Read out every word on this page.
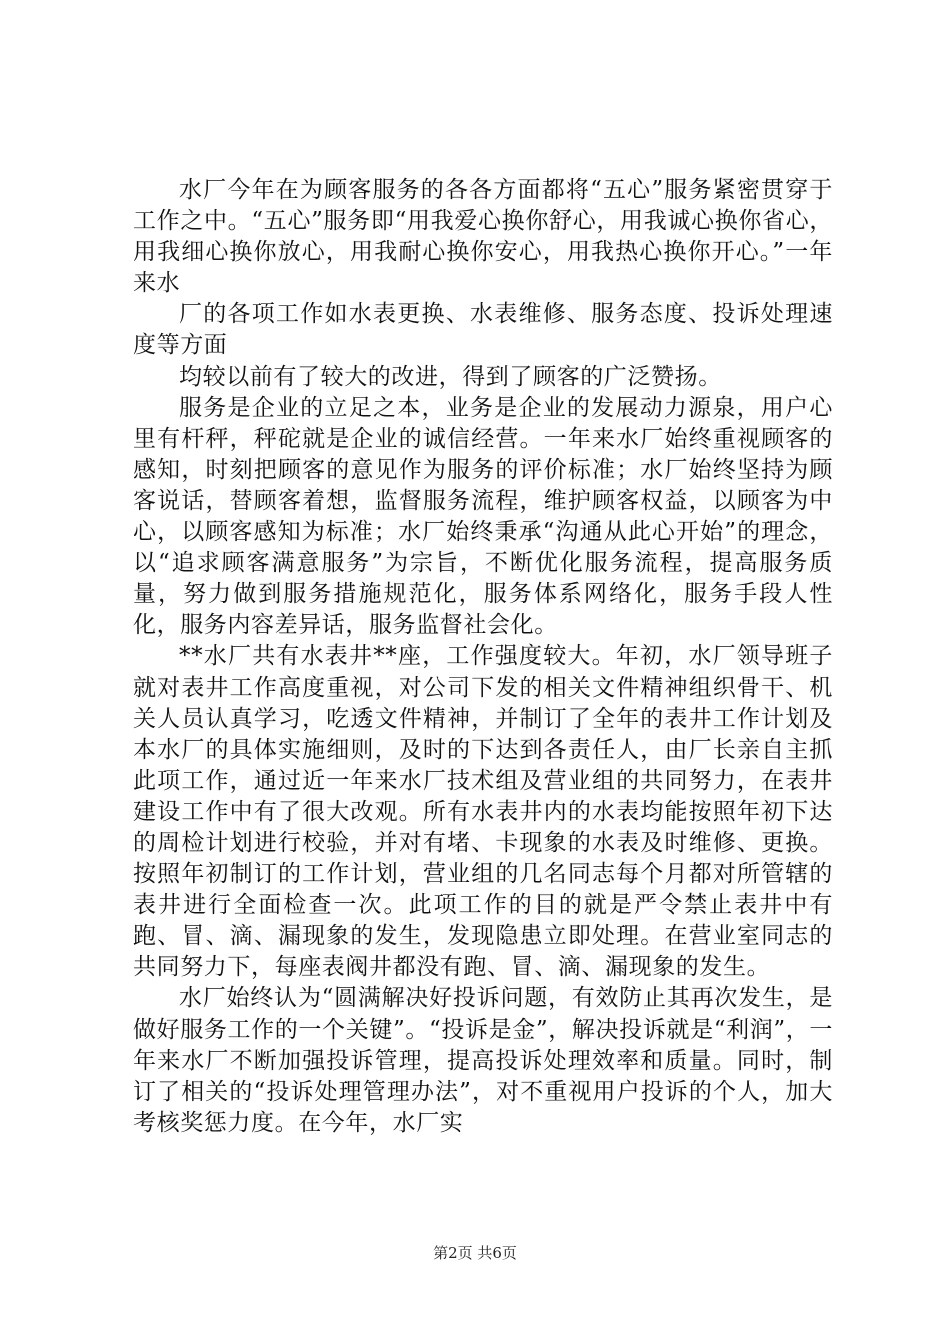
水厂今年在为顾客服务的各各方面都将“五心”服务紧密贯穿于工作之中。“五心”服务即“用我爱心换你舒心，用我诚心换你省心，用我细心换你放心，用我耐心换你安心，用我热心换你开心。”一年来水

厂的各项工作如水表更换、水表维修、服务态度、投诉处理速度等方面

均较以前有了较大的改进，得到了顾客的广泛赞扬。

服务是企业的立足之本，业务是企业的发展动力源泉，用户心里有杆秤，秤砣就是企业的诚信经营。一年来水厂始终重视顾客的感知，时刻把顾客的意见作为服务的评价标准；水厂始终坚持为顾客说话，替顾客着想，监督服务流程，维护顾客权益，以顾客为中心，以顾客感知为标准；水厂始终秉承“沟通从此心开始”的理念，以“追求顾客满意服务”为宗旨，不断优化服务流程，提高服务质量，努力做到服务措施规范化，服务体系网络化，服务手段人性化，服务内容差异话，服务监督社会化。

**水厂共有水表井**座，工作强度较大。年初，水厂领导班子就对表井工作高度重视，对公司下发的相关文件精神组织骨干、机关人员认真学习，吃透文件精神，并制订了全年的表井工作计划及本水厂的具体实施细则，及时的下达到各责任人，由厂长亲自主抓此项工作，通过近一年来水厂技术组及营业组的共同努力，在表井建设工作中有了很大改观。所有水表井内的水表均能按照年初下达的周检计划进行校验，并对有堵、卡现象的水表及时维修、更换。按照年初制订的工作计划，营业组的几名同志每个月都对所管辖的表井进行全面检查一次。此项工作的目的就是严令禁止表井中有跑、冒、滴、漏现象的发生，发现隐患立即处理。在营业室同志的共同努力下，每座表阀井都没有跑、冒、滴、漏现象的发生。

水厂始终认为“圆满解决好投诉问题，有效防止其再次发生，是做好服务工作的一个关键”。“投诉是金”，解决投诉就是“利润”，一年来水厂不断加强投诉管理，提高投诉处理效率和质量。同时，制订了相关的“投诉处理管理办法”，对不重视用户投诉的个人，加大考核奖惩力度。在今年，水厂实

第2页 共6页
